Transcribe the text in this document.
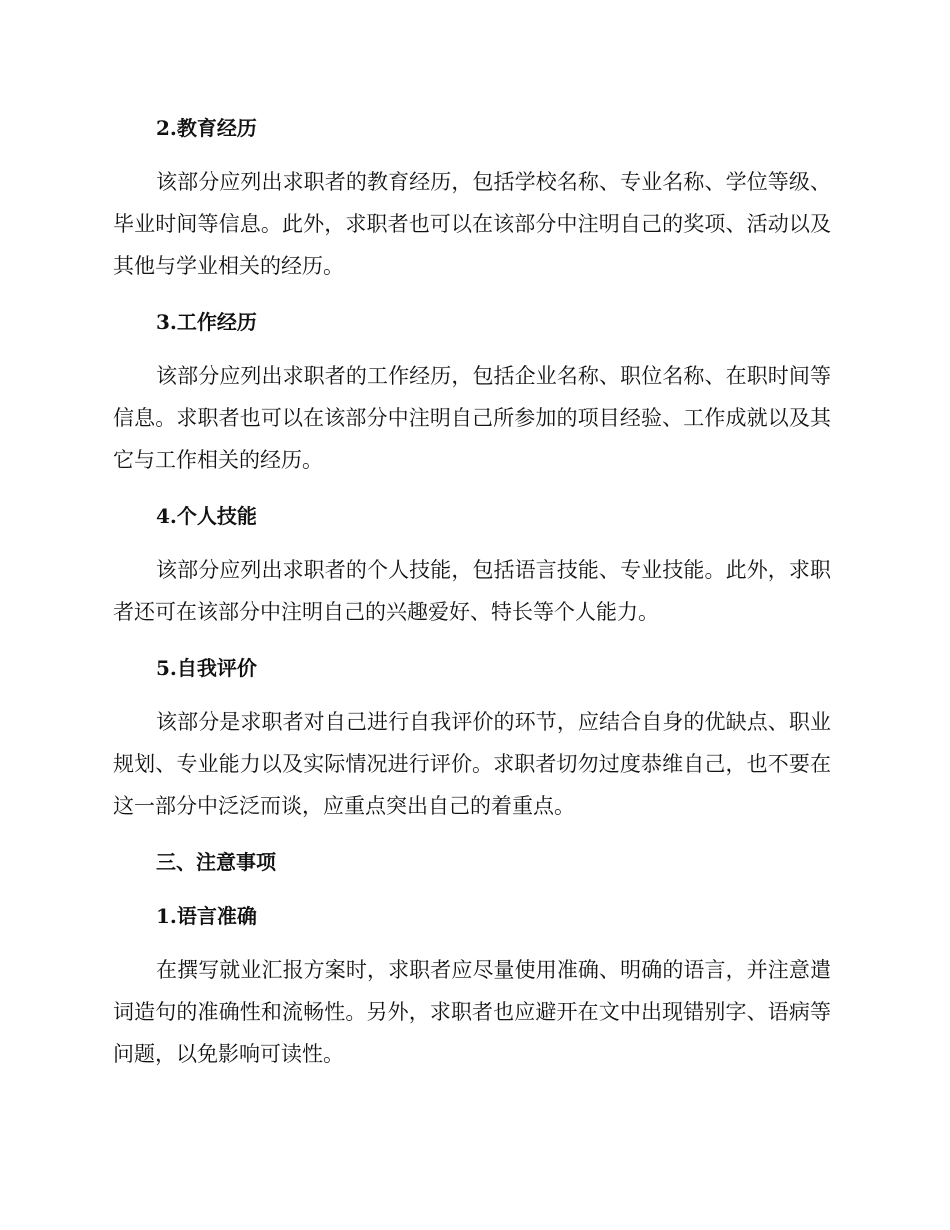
2.教育经历

该部分应列出求职者的教育经历，包括学校名称、专业名称、学位等级、毕业时间等信息。此外，求职者也可以在该部分中注明自己的奖项、活动以及其他与学业相关的经历。

3.工作经历

该部分应列出求职者的工作经历，包括企业名称、职位名称、在职时间等信息。求职者也可以在该部分中注明自己所参加的项目经验、工作成就以及其它与工作相关的经历。

4.个人技能

该部分应列出求职者的个人技能，包括语言技能、专业技能。此外，求职者还可在该部分中注明自己的兴趣爱好、特长等个人能力。

5.自我评价

该部分是求职者对自己进行自我评价的环节，应结合自身的优缺点、职业规划、专业能力以及实际情况进行评价。求职者切勿过度恭维自己，也不要在这一部分中泛泛而谈，应重点突出自己的着重点。

三、注意事项
1.语言准确

在撰写就业汇报方案时，求职者应尽量使用准确、明确的语言，并注意遣词造句的准确性和流畅性。另外，求职者也应避开在文中出现错别字、语病等问题，以免影响可读性。
